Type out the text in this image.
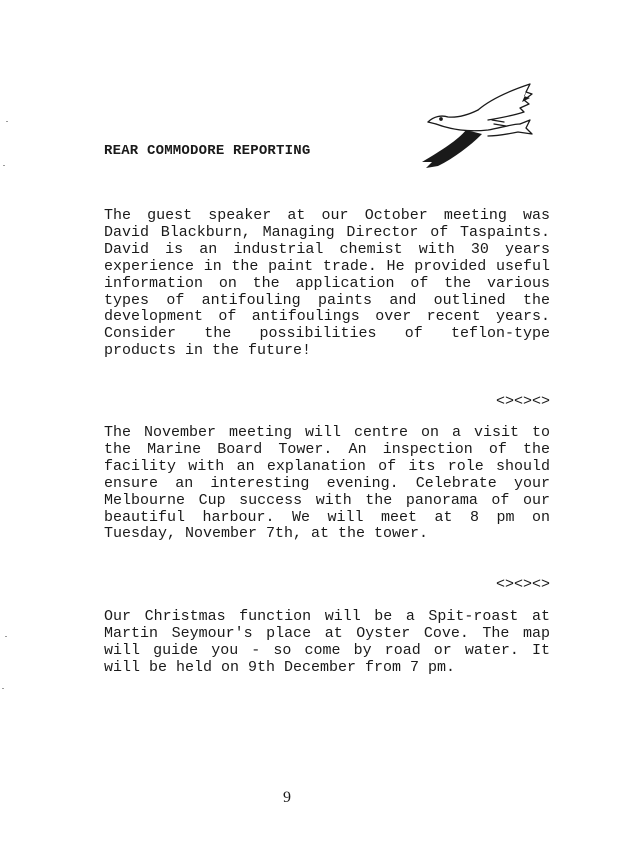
REAR COMMODORE REPORTING

The guest speaker at our October meeting was David Blackburn, Managing Director of Taspaints. David is an industrial chemist with 30 years experience in the paint trade. He provided useful information on the application of the various types of antifouling paints and outlined the development of antifoulings over recent years. Consider the possibilities of teflon-type products in the future!

<><><>

The November meeting will centre on a visit to the Marine Board Tower. An inspection of the facility with an explanation of its role should ensure an interesting evening. Celebrate your Melbourne Cup success with the panorama of our beautiful harbour. We will meet at 8 pm on Tuesday, November 7th, at the tower.

<><><>

Our Christmas function will be a Spit-roast at Martin Seymour's place at Oyster Cove. The map will guide you - so come by road or water. It will be held on 9th December from 7 pm.

9
